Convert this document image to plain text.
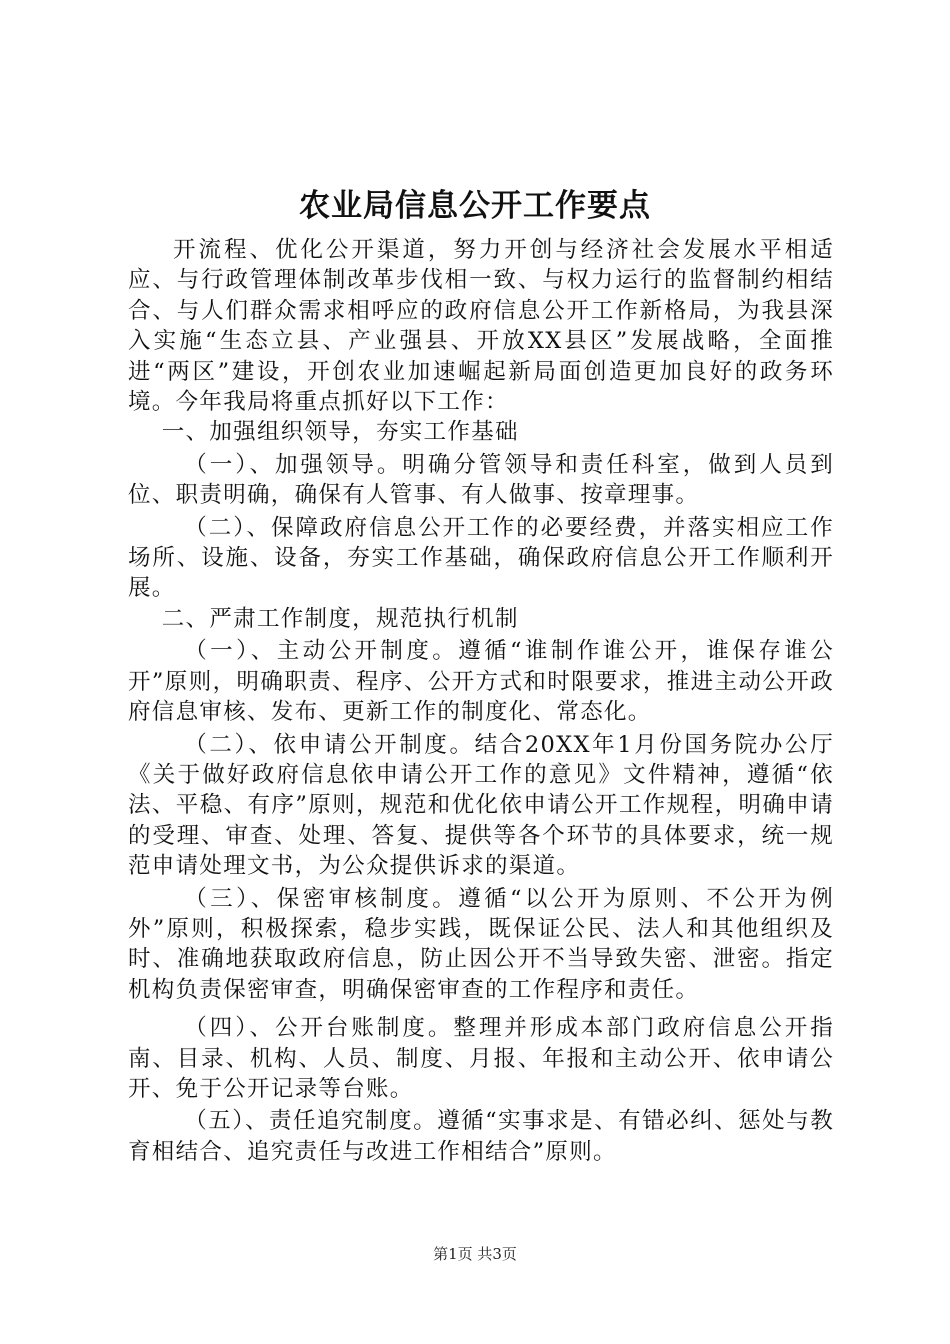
农业局信息公开工作要点

开流程、优化公开渠道，努力开创与经济社会发展水平相适应、与行政管理体制改革步伐相一致、与权力运行的监督制约相结合、与人们群众需求相呼应的政府信息公开工作新格局，为我县深入实施“生态立县、产业强县、开放XX县区”发展战略，全面推进“两区”建设，开创农业加速崛起新局面创造更加良好的政务环境。今年我局将重点抓好以下工作：

一、加强组织领导，夯实工作基础

（一）、加强领导。明确分管领导和责任科室，做到人员到位、职责明确，确保有人管事、有人做事、按章理事。

（二）、保障政府信息公开工作的必要经费，并落实相应工作场所、设施、设备，夯实工作基础，确保政府信息公开工作顺利开展。

二、严肃工作制度，规范执行机制

（一）、主动公开制度。遵循“谁制作谁公开，谁保存谁公开”原则，明确职责、程序、公开方式和时限要求，推进主动公开政府信息审核、发布、更新工作的制度化、常态化。

（二）、依申请公开制度。结合20XX年1月份国务院办公厅《关于做好政府信息依申请公开工作的意见》文件精神，遵循“依法、平稳、有序”原则，规范和优化依申请公开工作规程，明确申请的受理、审查、处理、答复、提供等各个环节的具体要求，统一规范申请处理文书，为公众提供诉求的渠道。

（三）、保密审核制度。遵循“以公开为原则、不公开为例外”原则，积极探索，稳步实践，既保证公民、法人和其他组织及时、准确地获取政府信息，防止因公开不当导致失密、泄密。指定机构负责保密审查，明确保密审查的工作程序和责任。

（四）、公开台账制度。整理并形成本部门政府信息公开指南、目录、机构、人员、制度、月报、年报和主动公开、依申请公开、免于公开记录等台账。

（五）、责任追究制度。遵循“实事求是、有错必纠、惩处与教育相结合、追究责任与改进工作相结合”原则。

第1页 共3页
